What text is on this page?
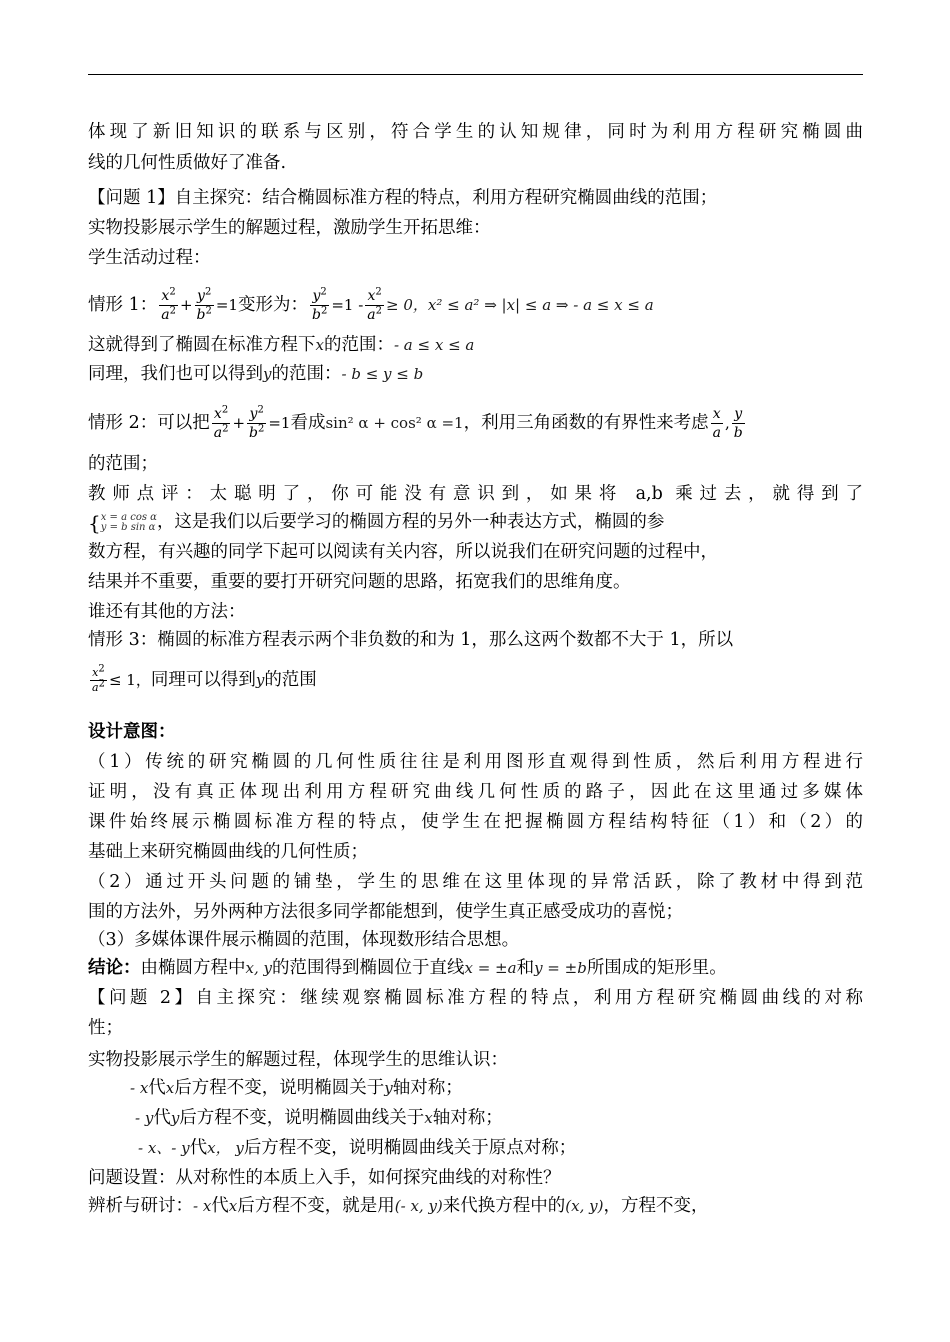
体现了新旧知识的联系与区别，符合学生的认知规律，同时为利用方程研究椭圆曲
线的几何性质做好了准备.
【问题 1】自主探究：结合椭圆标准方程的特点，利用方程研究椭圆曲线的范围；
实物投影展示学生的解题过程，激励学生开拓思维：
学生活动过程：
情形 1： $\frac{x^2}{a^2} + \frac{y^2}{b^2} =1$变形为： $\frac{y^2}{b^2} =1 - \frac{x^2}{a^2} \ge 0$，x² ≤ a² ⇒ |x| ≤ a ⇒ - a ≤ x ≤ a
这就得到了椭圆在标准方程下x的范围：- a ≤ x ≤ a
同理，我们也可以得到y的范围：- b ≤ y ≤ b
情形 2：可以把 $\frac{x^2}{a^2} + \frac{y^2}{b^2} =1$看成sin² α + cos² α =1，利用三角函数的有界性来考虑 $\frac{x}{a}$ , $\frac{y}{b}$
的范围；
教师点评：太聪明了，你可能没有意识到，如果将 a,b 乘过去，就得到了
{x = a cos α
y = b sin α，这是我们以后要学习的椭圆方程的另外一种表达方式，椭圆的参
数方程，有兴趣的同学下起可以阅读有关内容，所以说我们在研究问题的过程中，
结果并不重要，重要的要打开研究问题的思路，拓宽我们的思维角度。
谁还有其他的方法：
情形 3：椭圆的标准方程表示两个非负数的和为 1，那么这两个数都不大于 1，所以
$\frac{x^2}{a^2} \le 1$，同理可以得到y的范围
设计意图：
（1）传统的研究椭圆的几何性质往往是利用图形直观得到性质，然后利用方程进行
证明，没有真正体现出利用方程研究曲线几何性质的路子，因此在这里通过多媒体
课件始终展示椭圆标准方程的特点，使学生在把握椭圆方程结构特征（1）和（2）的
基础上来研究椭圆曲线的几何性质；
（2）通过开头问题的铺垫，学生的思维在这里体现的异常活跃，除了教材中得到范
围的方法外，另外两种方法很多同学都能想到，使学生真正感受成功的喜悦；
（3）多媒体课件展示椭圆的范围，体现数形结合思想。
结论：由椭圆方程中x, y的范围得到椭圆位于直线x = ±a和y = ±b所围成的矩形里。
【问题 2】自主探究：继续观察椭圆标准方程的特点，利用方程研究椭圆曲线的对称
性；
实物投影展示学生的解题过程，体现学生的思维认识：
- x代x后方程不变，说明椭圆关于y轴对称；
- y代y后方程不变，说明椭圆曲线关于x轴对称；
- x、- y代x， y后方程不变，说明椭圆曲线关于原点对称；
问题设置：从对称性的本质上入手，如何探究曲线的对称性？
辨析与研讨：- x代x后方程不变，就是用(- x, y)来代换方程中的(x, y)，方程不变，
